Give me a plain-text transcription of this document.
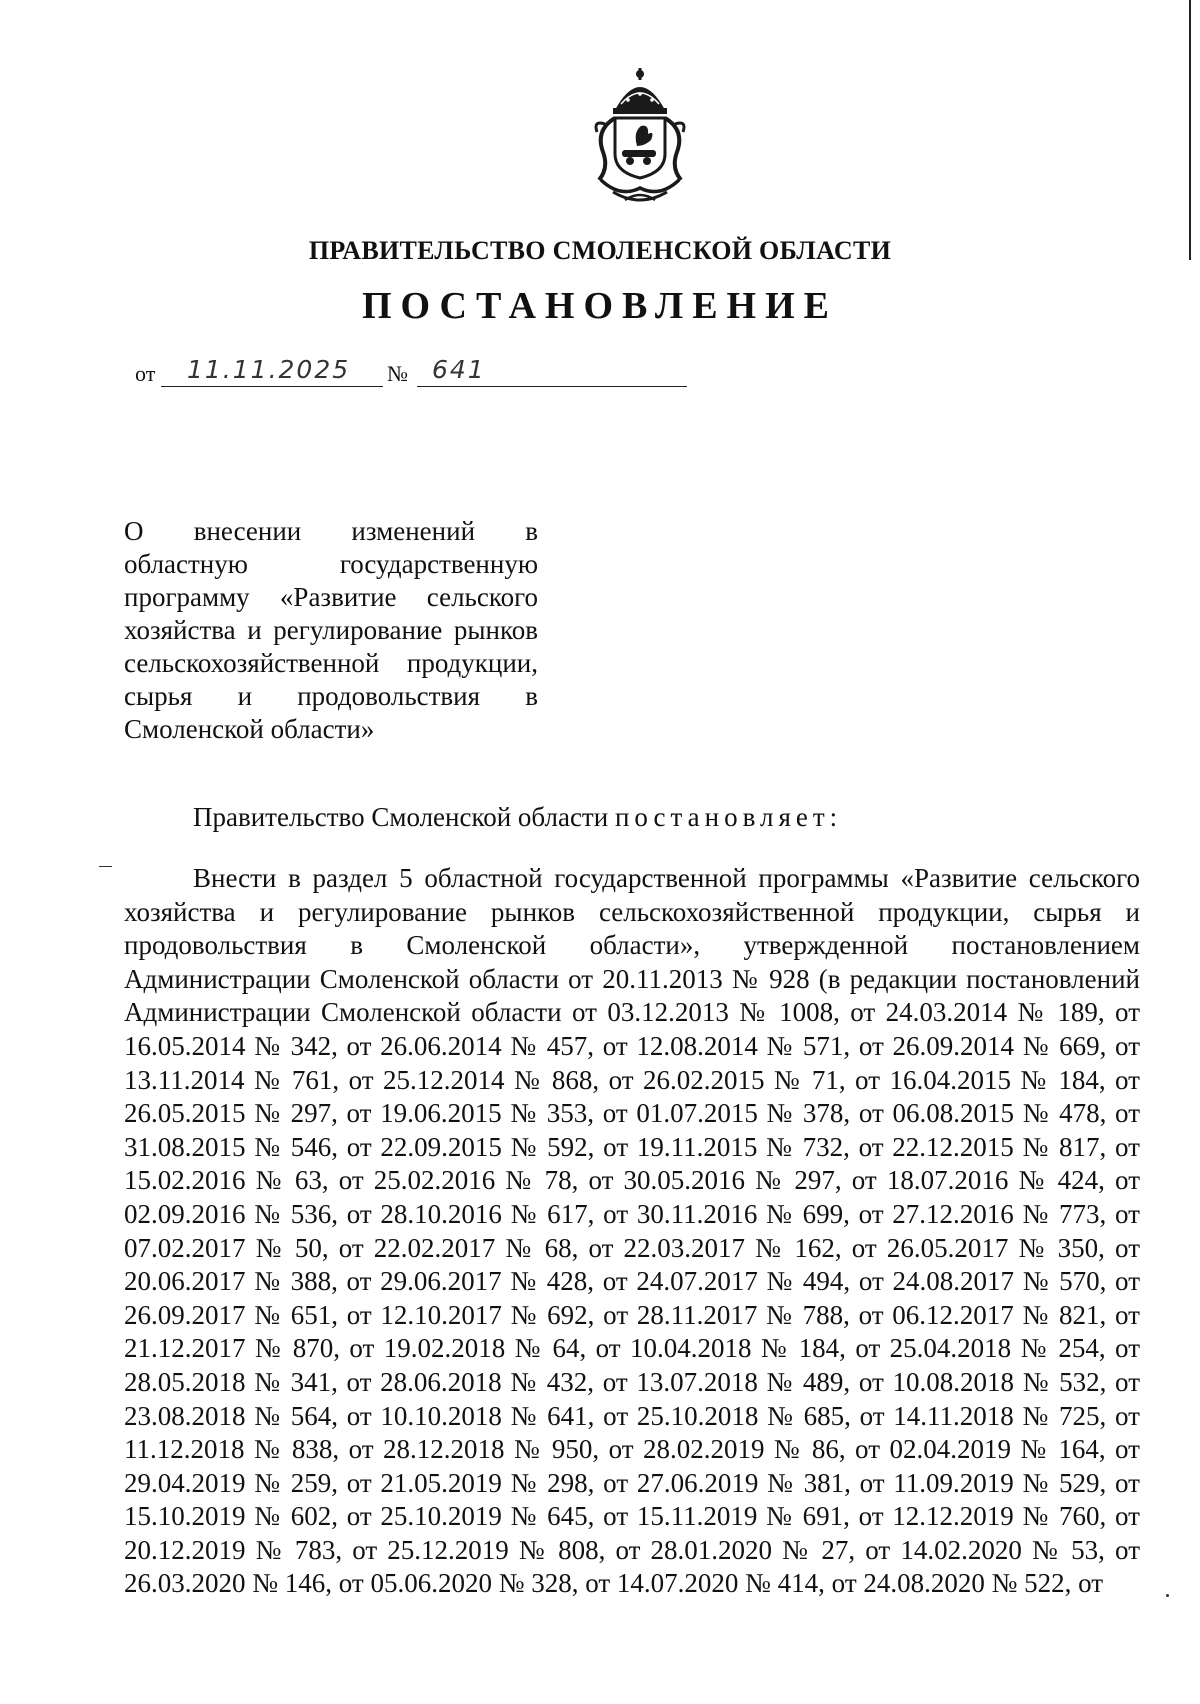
ПРАВИТЕЛЬСТВО СМОЛЕНСКОЙ ОБЛАСТИ
ПОСТАНОВЛЕНИЕ
от 11.11.2025 № 641
О внесении изменений в областную государственную программу «Развитие сельского хозяйства и регулирование рынков сельскохозяйственной продукции, сырья и продовольствия в Смоленской области»
Правительство Смоленской области постановляет:
Внести в раздел 5 областной государственной программы «Развитие сельского хозяйства и регулирование рынков сельскохозяйственной продукции, сырья и продовольствия в Смоленской области», утвержденной постановлением Администрации Смоленской области от 20.11.2013 № 928 (в редакции постановлений Администрации Смоленской области от 03.12.2013 № 1008, от 24.03.2014 № 189, от 16.05.2014 № 342, от 26.06.2014 № 457, от 12.08.2014 № 571, от 26.09.2014 № 669, от 13.11.2014 № 761, от 25.12.2014 № 868, от 26.02.2015 № 71, от 16.04.2015 № 184, от 26.05.2015 № 297, от 19.06.2015 № 353, от 01.07.2015 № 378, от 06.08.2015 № 478, от 31.08.2015 № 546, от 22.09.2015 № 592, от 19.11.2015 № 732, от 22.12.2015 № 817, от 15.02.2016 № 63, от 25.02.2016 № 78, от 30.05.2016 № 297, от 18.07.2016 № 424, от 02.09.2016 № 536, от 28.10.2016 № 617, от 30.11.2016 № 699, от 27.12.2016 № 773, от 07.02.2017 № 50, от 22.02.2017 № 68, от 22.03.2017 № 162, от 26.05.2017 № 350, от 20.06.2017 № 388, от 29.06.2017 № 428, от 24.07.2017 № 494, от 24.08.2017 № 570, от 26.09.2017 № 651, от 12.10.2017 № 692, от 28.11.2017 № 788, от 06.12.2017 № 821, от 21.12.2017 № 870, от 19.02.2018 № 64, от 10.04.2018 № 184, от 25.04.2018 № 254, от 28.05.2018 № 341, от 28.06.2018 № 432, от 13.07.2018 № 489, от 10.08.2018 № 532, от 23.08.2018 № 564, от 10.10.2018 № 641, от 25.10.2018 № 685, от 14.11.2018 № 725, от 11.12.2018 № 838, от 28.12.2018 № 950, от 28.02.2019 № 86, от 02.04.2019 № 164, от 29.04.2019 № 259, от 21.05.2019 № 298, от 27.06.2019 № 381, от 11.09.2019 № 529, от 15.10.2019 № 602, от 25.10.2019 № 645, от 15.11.2019 № 691, от 12.12.2019 № 760, от 20.12.2019 № 783, от 25.12.2019 № 808, от 28.01.2020 № 27, от 14.02.2020 № 53, от 26.03.2020 № 146, от 05.06.2020 № 328, от 14.07.2020 № 414, от 24.08.2020 № 522, от
